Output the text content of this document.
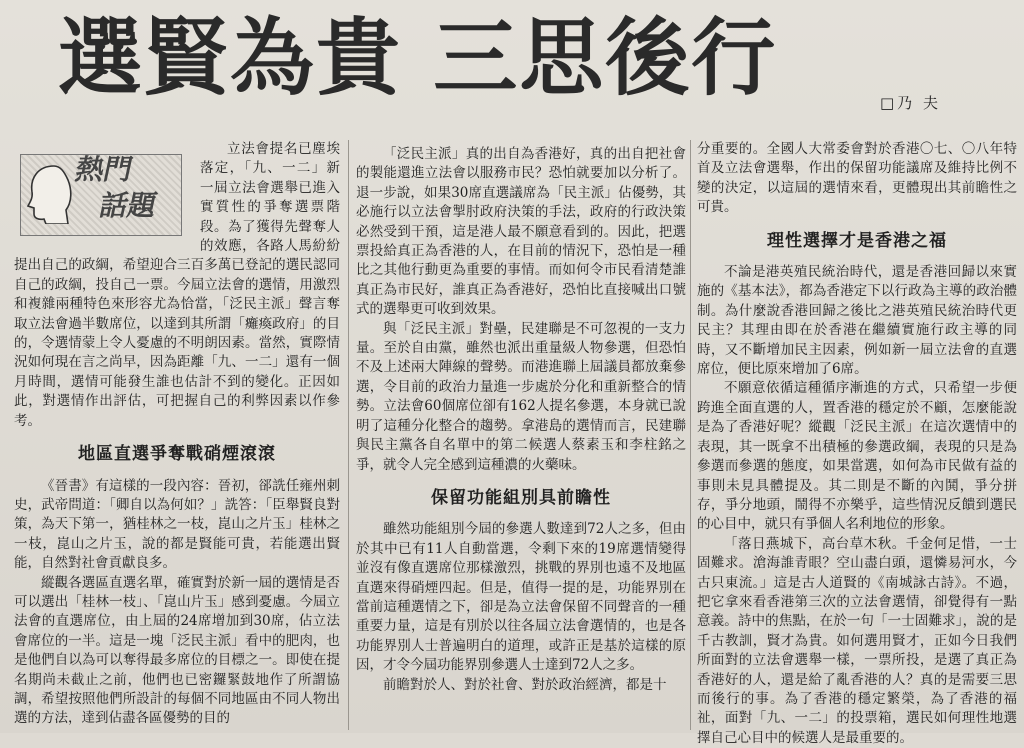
選賢為貴 三思後行	□乃 夫
熱門
話題

立法會提名已塵埃落定，「九、一二」新一屆立法會選舉已進入實質性的爭奪選票階段。為了獲得先聲奪人的效應，各路人馬紛紛提出自己的政綱，希望迎合三百多萬已登記的選民認同自己的政綱，投自己一票。今屆立法會的選情，用激烈和複雜兩種特色來形容尤為恰當，「泛民主派」聲言奪取立法會過半數席位，以達到其所謂「癱瘓政府」的目的，令選情蒙上令人憂慮的不明朗因素。當然，實際情況如何現在言之尚早，因為距離「九、一二」還有一個月時間，選情可能發生誰也估計不到的變化。正因如此，對選情作出評估，可把握自己的利弊因素以作參考。

地區直選爭奪戰硝煙滾滾

《晉書》有這樣的一段內容：晉初，郤詵任雍州刺史，武帝問道：「卿自以為何如？」詵答：「臣舉賢良對策，為天下第一，猶桂林之一枝，崑山之片玉」桂林之一枝，崑山之片玉，說的都是賢能可貴，若能選出賢能，自然對社會貢獻良多。

縱觀各選區直選名單，確實對於新一屆的選情是否可以選出「桂林一枝」、「崑山片玉」感到憂慮。今屆立法會的直選席位，由上屆的24席增加到30席，佔立法會席位的一半。這是一塊「泛民主派」看中的肥肉，也是他們自以為可以奪得最多席位的目標之一。即使在提名期尚未截止之前，他們也已密鑼緊鼓地作了所謂協調，希望按照他們所設計的每個不同地區由不同人物出選的方法，達到佔盡各區優勢的目的

「泛民主派」真的出自為香港好，真的出自把社會的製能還進立法會以服務市民？恐怕就要加以分析了。退一步說，如果30席直選議席為「民主派」佔優勢，其必施行以立法會掣肘政府決策的手法，政府的行政決策必然受到干預，這是港人最不願意看到的。因此，把選票投給真正為香港的人，在目前的情況下，恐怕是一種比之其他行動更為重要的事情。而如何令市民看清楚誰真正為市民好，誰真正為香港好，恐怕比直接喊出口號式的選舉更可收到效果。

與「泛民主派」對壘，民建聯是不可忽視的一支力量。至於自由黨，雖然也派出重量級人物參選，但恐怕不及上述兩大陣線的聲勢。而港進聯上屆議員都放棄參選，令目前的政治力量進一步處於分化和重新整合的情勢。立法會60個席位卻有162人提名參選，本身就已說明了這種分化整合的趨勢。拿港島的選情而言，民建聯與民主黨各自名單中的第二候選人蔡素玉和李柱銘之爭，就令人完全感到這種濃的火藥味。

保留功能組別具前瞻性

雖然功能組別今屆的參選人數達到72人之多，但由於其中已有11人自動當選，令剩下來的19席選情變得並沒有像直選席位那樣激烈，挑戰的界別也遠不及地區直選來得硝煙四起。但是，值得一提的是，功能界別在當前這種選情之下，卻是為立法會保留不同聲音的一種重要力量，這是有別於以往各屆立法會選情的，也是各功能界別人士普遍明白的道理，或許正是基於這樣的原因，才令今屆功能界別參選人士達到72人之多。

前瞻對於人、對於社會、對於政治經濟，都是十

分重要的。全國人大常委會對於香港〇七、〇八年特首及立法會選舉，作出的保留功能議席及維持比例不變的決定，以這屆的選情來看，更體現出其前瞻性之可貴。

理性選擇才是香港之福

不論是港英殖民統治時代，還是香港回歸以來實施的《基本法》，都為香港定下以行政為主導的政治體制。為什麼說香港回歸之後比之港英殖民統治時代更民主？其理由即在於香港在繼續實施行政主導的同時，又不斷增加民主因素，例如新一屆立法會的直選席位，便比原來增加了6席。

不願意依循這種循序漸進的方式，只希望一步便跨進全面直選的人，置香港的穩定於不顧，怎麼能說是為了香港好呢？縱觀「泛民主派」在這次選情中的表現，其一既拿不出積極的參選政綱，表現的只是為參選而參選的態度，如果當選，如何為市民做有益的事則未見具體提及。其二則是不斷的內鬨，爭分拼存，爭分地頭，鬧得不亦樂乎，這些情況反饋到選民的心目中，就只有爭個人名利地位的形象。

「落日燕城下，高台草木秋。千金何足惜，一士固難求。滄海誰青眼？空山盡白頭，還憐易河水，今古只東流。」這是古人道賢的《南城詠古詩》。不過，把它拿來看香港第三次的立法會選情，卻覺得有一點意義。詩中的焦點，在於一句「一士固難求」，說的是千古教訓，賢才為貴。如何選用賢才，正如今日我們所面對的立法會選舉一樣，一票所投，是選了真正為香港好的人，還是給了亂香港的人？真的是需要三思而後行的事。為了香港的穩定繁榮，為了香港的福祉，面對「九、一二」的投票箱，選民如何理性地選擇自己心目中的候選人是最重要的。
